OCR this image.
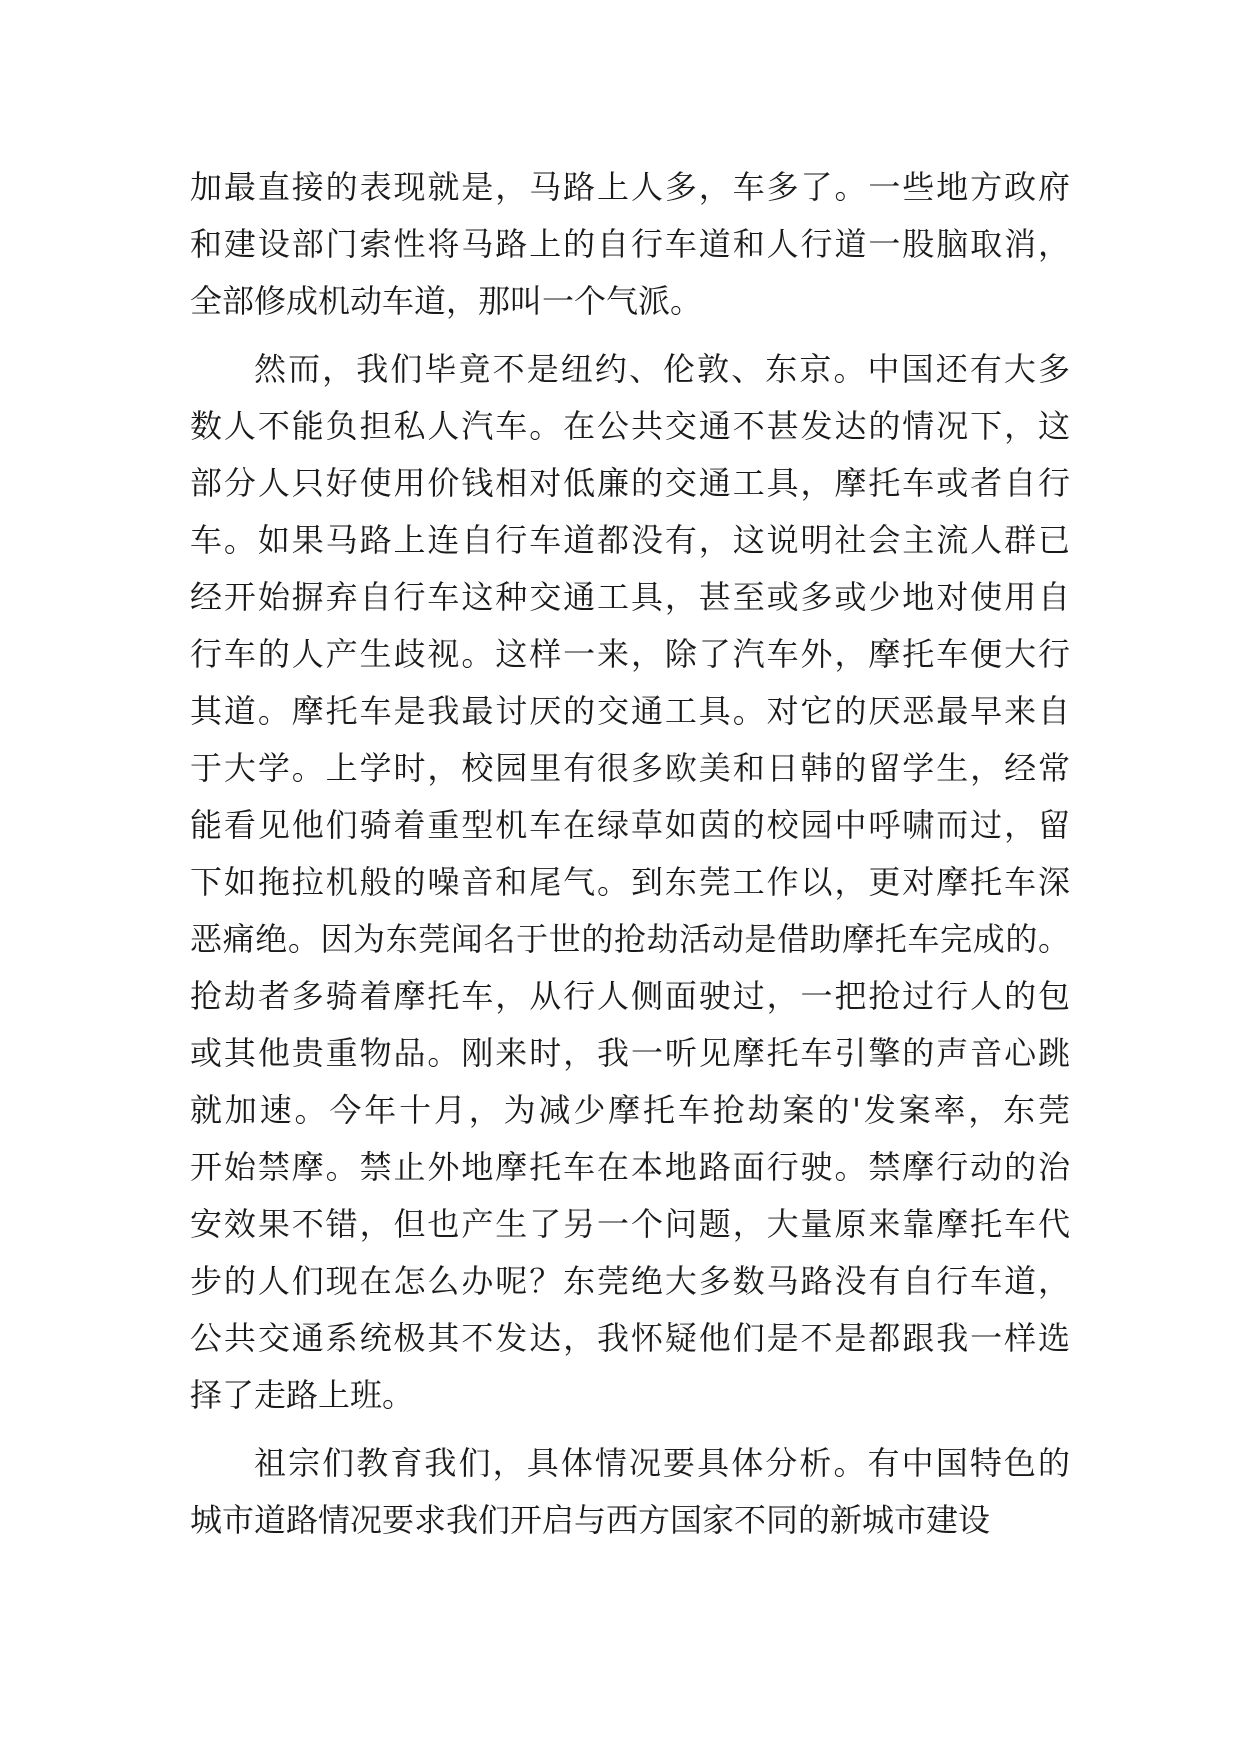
加最直接的表现就是，马路上人多，车多了。一些地方政府
和建设部门索性将马路上的自行车道和人行道一股脑取消，
全部修成机动车道，那叫一个气派。
然而，我们毕竟不是纽约、伦敦、东京。中国还有大多
数人不能负担私人汽车。在公共交通不甚发达的情况下，这
部分人只好使用价钱相对低廉的交通工具，摩托车或者自行
车。如果马路上连自行车道都没有，这说明社会主流人群已
经开始摒弃自行车这种交通工具，甚至或多或少地对使用自
行车的人产生歧视。这样一来，除了汽车外，摩托车便大行
其道。摩托车是我最讨厌的交通工具。对它的厌恶最早来自
于大学。上学时，校园里有很多欧美和日韩的留学生，经常
能看见他们骑着重型机车在绿草如茵的校园中呼啸而过，留
下如拖拉机般的噪音和尾气。到东莞工作以，更对摩托车深
恶痛绝。因为东莞闻名于世的抢劫活动是借助摩托车完成的。
抢劫者多骑着摩托车，从行人侧面驶过，一把抢过行人的包
或其他贵重物品。刚来时，我一听见摩托车引擎的声音心跳
就加速。今年十月，为减少摩托车抢劫案的'发案率，东莞
开始禁摩。禁止外地摩托车在本地路面行驶。禁摩行动的治
安效果不错，但也产生了另一个问题，大量原来靠摩托车代
步的人们现在怎么办呢？东莞绝大多数马路没有自行车道，
公共交通系统极其不发达，我怀疑他们是不是都跟我一样选
择了走路上班。
祖宗们教育我们，具体情况要具体分析。有中国特色的
城市道路情况要求我们开启与西方国家不同的新城市建设
